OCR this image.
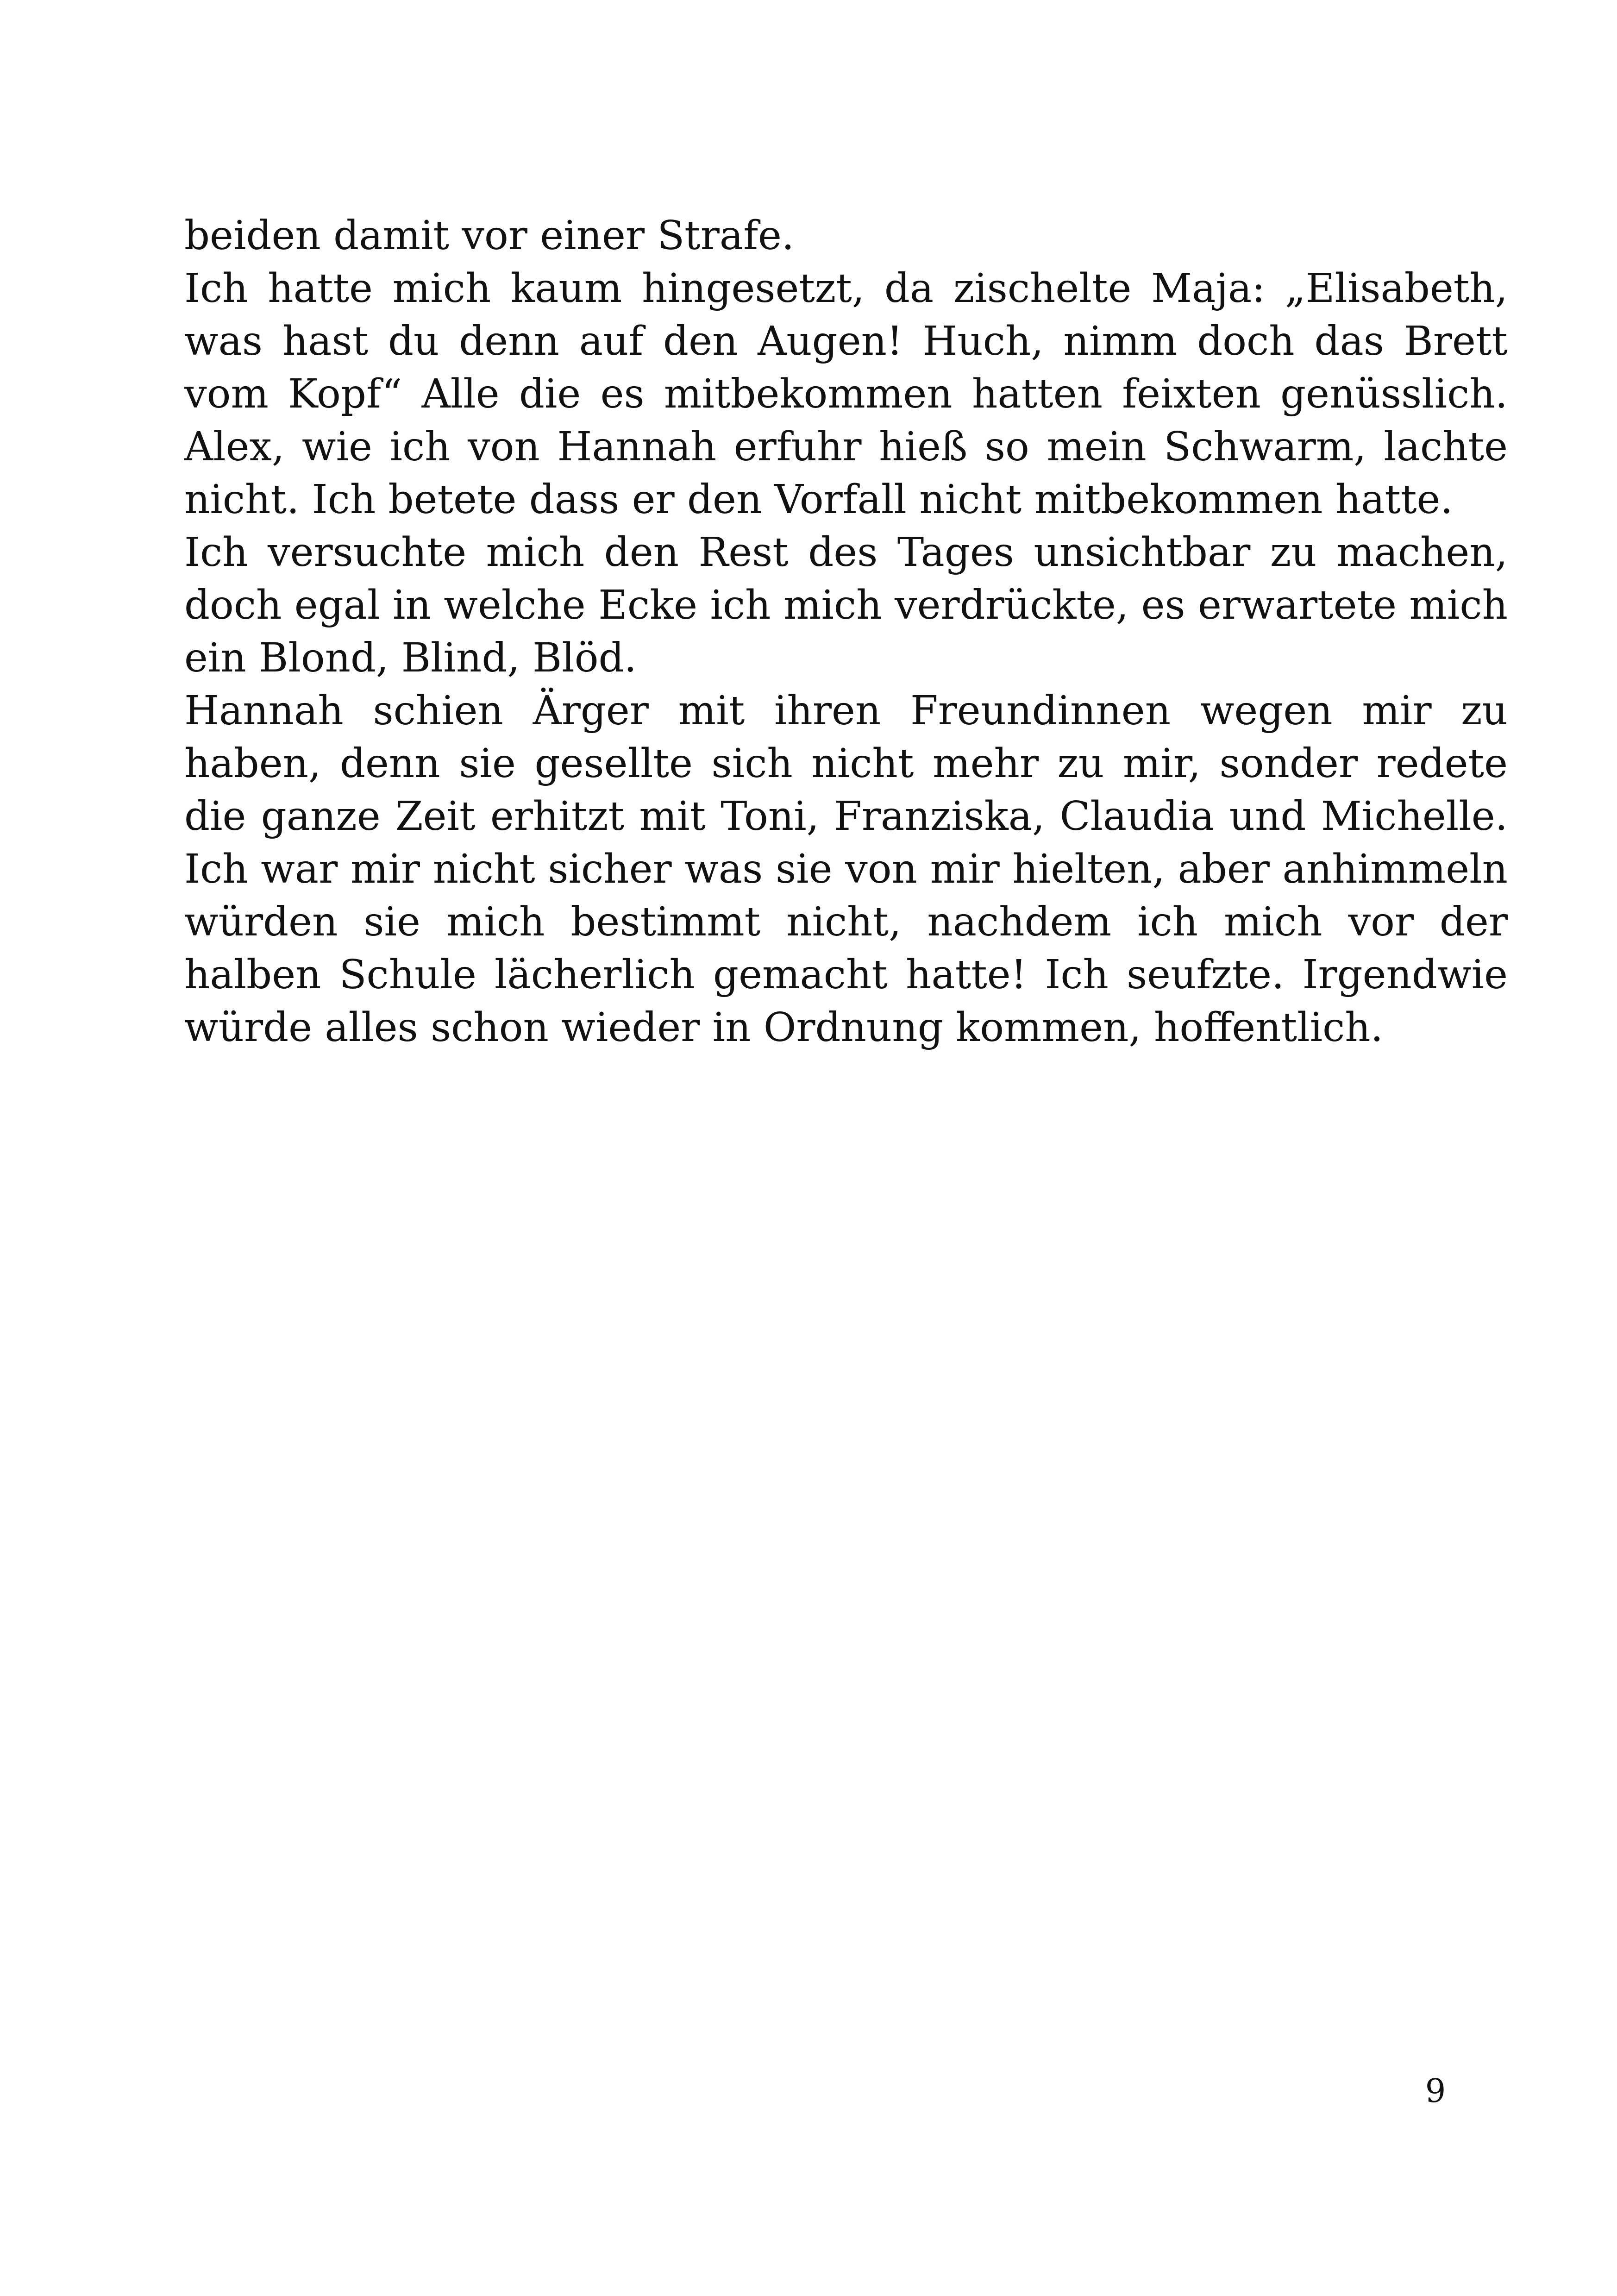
beiden damit vor einer Strafe.

Ich hatte mich kaum hingesetzt, da zischelte Maja: „Elisabeth, was hast du denn auf den Augen! Huch, nimm doch das Brett vom Kopf“ Alle die es mitbekommen hatten feixten genüsslich. Alex, wie ich von Hannah erfuhr hieß so mein Schwarm, lachte nicht. Ich betete dass er den Vorfall nicht mitbekommen hatte.

Ich versuchte mich den Rest des Tages unsichtbar zu machen, doch egal in welche Ecke ich mich verdrückte, es erwartete mich ein Blond, Blind, Blöd.

Hannah schien Ärger mit ihren Freundinnen wegen mir zu haben, denn sie gesellte sich nicht mehr zu mir, sonder redete die ganze Zeit erhitzt mit Toni, Franziska, Claudia und Michelle. Ich war mir nicht sicher was sie von mir hielten, aber anhimmeln würden sie mich bestimmt nicht, nachdem ich mich vor der halben Schule lächerlich gemacht hatte! Ich seufzte. Irgendwie würde alles schon wieder in Ordnung kommen, hoffentlich.

9
